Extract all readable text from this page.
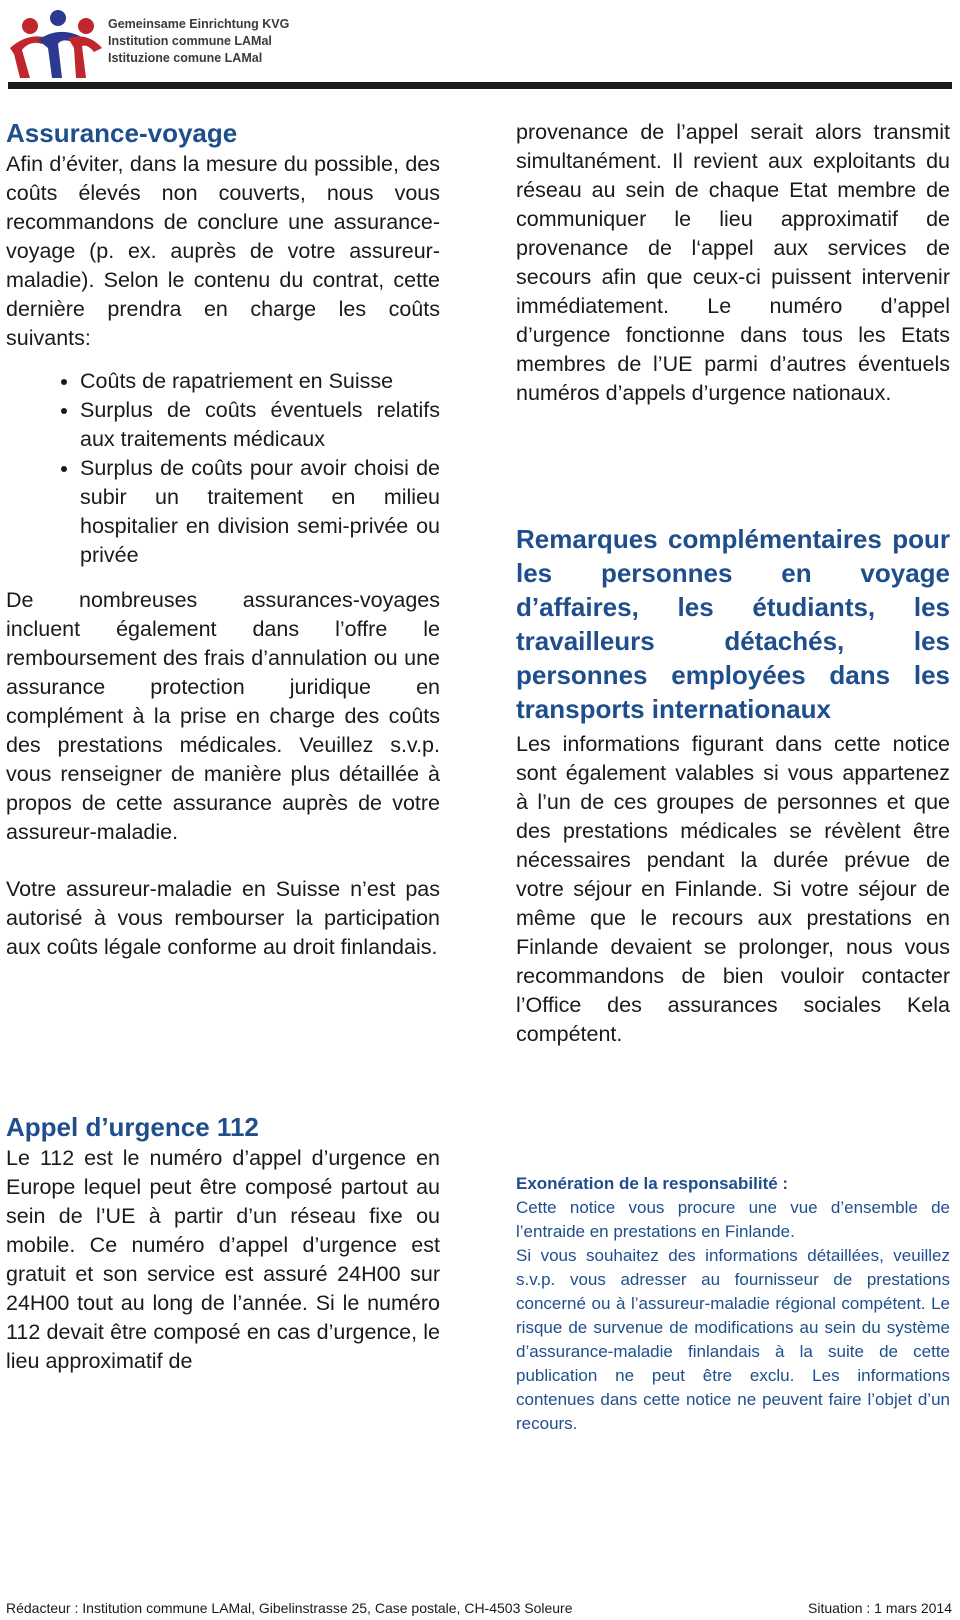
Gemeinsame Einrichtung KVG
Institution commune LAMal
Istituzione comune LAMal
Assurance-voyage

Afin d’éviter, dans la mesure du possible, des coûts élevés non couverts, nous vous recommandons de conclure une assurance-voyage (p. ex. auprès de votre assureur-maladie). Selon le contenu du contrat, cette dernière prendra en charge les coûts suivants:

• Coûts de rapatriement en Suisse
• Surplus de coûts éventuels relatifs aux traitements médicaux
• Surplus de coûts pour avoir choisi de subir un traitement en milieu hospitalier en division semi-privée ou privée

De nombreuses assurances-voyages incluent également dans l’offre le remboursement des frais d’annulation ou une assurance protection juridique en complément à la prise en charge des coûts des prestations médicales. Veuillez s.v.p. vous renseigner de manière plus détaillée à propos de cette assurance auprès de votre assureur-maladie.

Votre assureur-maladie en Suisse n’est pas autorisé à vous rembourser la participation aux coûts légale conforme au droit finlandais.

Appel d’urgence 112

Le 112 est le numéro d’appel d’urgence en Europe lequel peut être composé partout au sein de l’UE à partir d’un réseau fixe ou mobile. Ce numéro d’appel d’urgence est gratuit et son service est assuré 24H00 sur 24H00 tout au long de l’année. Si le numéro 112 devait être composé en cas d’urgence, le lieu approximatif de

provenance de l’appel serait alors transmit simultanément. Il revient aux exploitants du réseau au sein de chaque Etat membre de communiquer le lieu approximatif de provenance de l‘appel aux services de secours afin que ceux-ci puissent intervenir immédiatement. Le numéro d’appel d’urgence fonctionne dans tous les Etats membres de l’UE parmi d’autres éventuels numéros d’appels d’urgence nationaux.

Remarques complémentaires pour les personnes en voyage d’affaires, les étudiants, les travailleurs détachés, les personnes employées dans les transports internationaux

Les informations figurant dans cette notice sont également valables si vous appartenez à l’un de ces groupes de personnes et que des prestations médicales se révèlent être nécessaires pendant la durée prévue de votre séjour en Finlande. Si votre séjour de même que le recours aux prestations en Finlande devaient se prolonger, nous vous recommandons de bien vouloir contacter l’Office des assurances sociales Kela compétent.

Exonération de la responsabilité :

Cette notice vous procure une vue d’ensemble de l’entraide en prestations en Finlande.

Si vous souhaitez des informations détaillées, veuillez s.v.p. vous adresser au fournisseur de prestations concerné ou à l’assureur-maladie régional compétent. Le risque de survenue de modifications au sein du système d’assurance-maladie finlandais à la suite de cette publication ne peut être exclu. Les informations contenues dans cette notice ne peuvent faire l’objet d’un recours.

Rédacteur : Institution commune LAMal, Gibelinstrasse 25, Case postale, CH-4503 Soleure	Situation : 1 mars 2014
